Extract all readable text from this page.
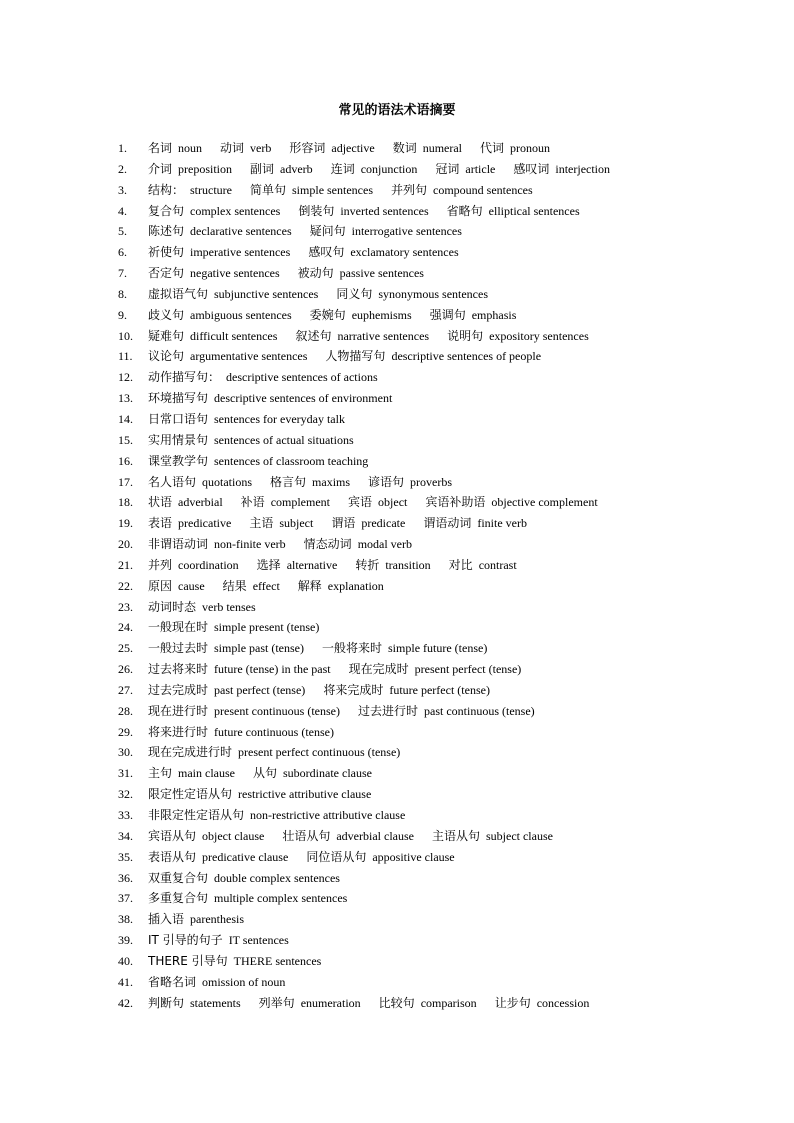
常见的语法术语摘要
1.	名词 noun 动词 verb 形容词 adjective 数词 numeral 代词 pronoun
2.	介词 preposition 副词 adverb 连词 conjunction 冠词 article 感叹词 interjection
3.	结构： structure 简单句 simple sentences 并列句 compound sentences
4.	复合句 complex sentences 倒装句 inverted sentences 省略句 elliptical sentences
5.	陈述句 declarative sentences 疑问句 interrogative sentences
6.	祈使句 imperative sentences 感叹句 exclamatory sentences
7.	否定句 negative sentences 被动句 passive sentences
8.	虚拟语气句 subjunctive sentences 同义句 synonymous sentences
9.	歧义句 ambiguous sentences 委婉句 euphemisms 强调句 emphasis
10.	疑难句 difficult sentences 叙述句 narrative sentences 说明句 expository sentences
11.	议论句 argumentative sentences 人物描写句 descriptive sentences of people
12.	动作描写句： descriptive sentences of actions
13.	环境描写句 descriptive sentences of environment
14.	日常口语句 sentences for everyday talk
15.	实用情景句 sentences of actual situations
16.	课堂教学句 sentences of classroom teaching
17.	名人语句 quotations 格言句 maxims 谚语句 proverbs
18.	状语 adverbial 补语 complement 宾语 object 宾语补助语 objective complement
19.	表语 predicative 主语 subject 谓语 predicate 谓语动词 finite verb
20.	非谓语动词 non-finite verb 情态动词 modal verb
21.	并列 coordination 选择 alternative 转折 transition 对比 contrast
22.	原因 cause 结果 effect 解释 explanation
23.	动词时态 verb tenses
24.	一般现在时 simple present (tense)
25.	一般过去时 simple past (tense) 一般将来时 simple future (tense)
26.	过去将来时 future (tense) in the past 现在完成时 present perfect (tense)
27.	过去完成时 past perfect (tense) 将来完成时 future perfect (tense)
28.	现在进行时 present continuous (tense) 过去进行时 past continuous (tense)
29.	将来进行时 future continuous (tense)
30.	现在完成进行时 present perfect continuous (tense)
31.	主句 main clause 从句 subordinate clause
32.	限定性定语从句 restrictive attributive clause
33.	非限定性定语从句 non-restrictive attributive clause
34.	宾语从句 object clause 壮语从句 adverbial clause 主语从句 subject clause
35.	表语从句 predicative clause 同位语从句 appositive clause
36.	双重复合句 double complex sentences
37.	多重复合句 multiple complex sentences
38.	插入语 parenthesis
39.	IT 引导的句子 IT sentences
40.	THERE 引导句 THERE sentences
41.	省略名词 omission of noun
42.	判断句 statements 列举句 enumeration 比较句 comparison 让步句 concession
